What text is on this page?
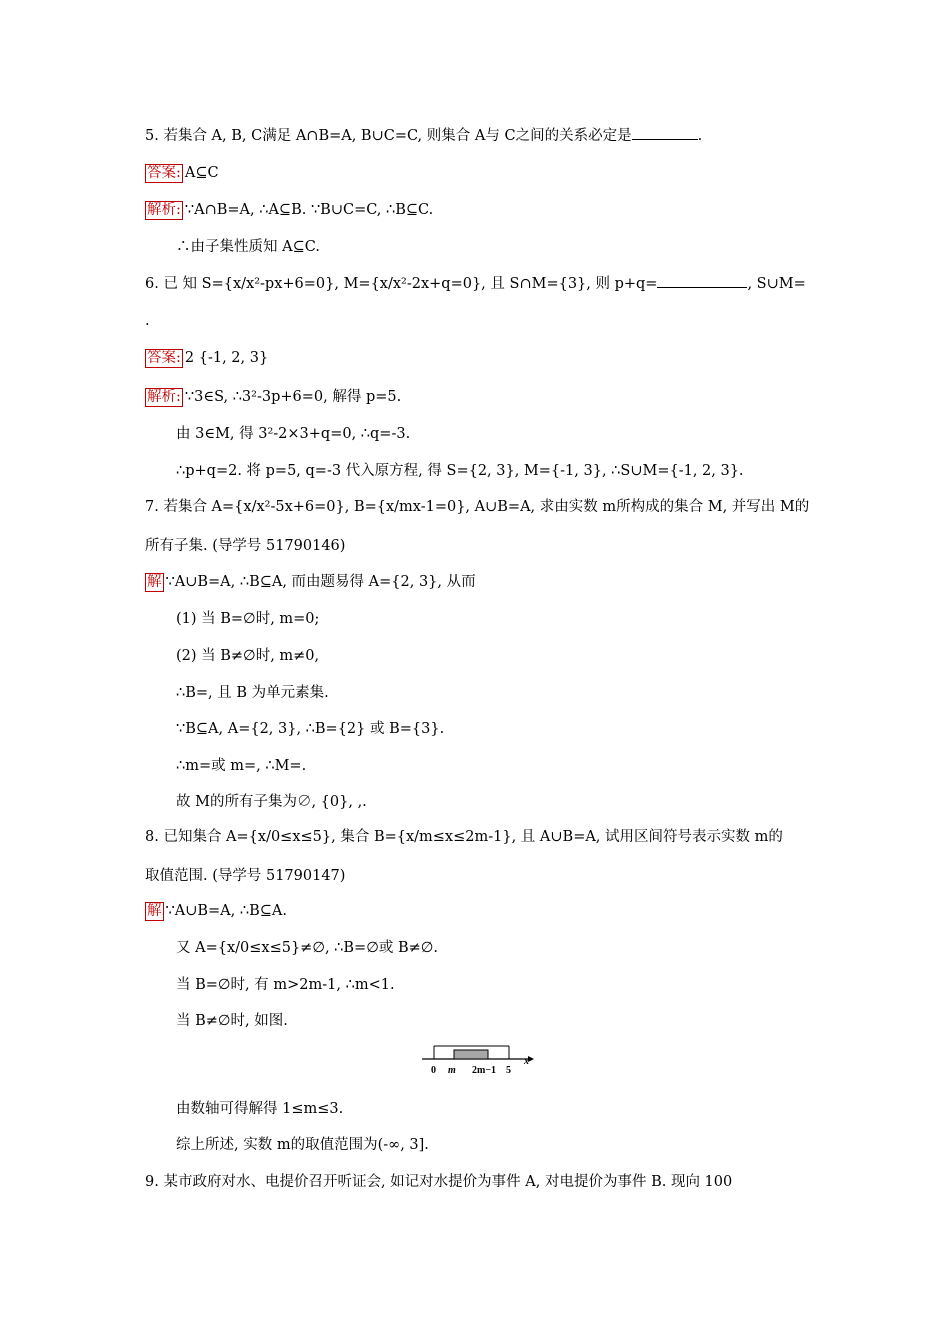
5. 若集合 A, B, C满足 A∩B=A, B∪C=C, 则集合 A与 C之间的关系必定是	.
答案: A⊆C
解析: ∵A∩B=A, ∴A⊆B. ∵B∪C=C, ∴B⊆C.
∴由子集性质知 A⊆C.
6. 已 知 S={x/x²-px+6=0}, M={x/x²-2x+q=0}, 且 S∩M={3}, 则 p+q=	, S∪M=
.
答案: 2 {-1, 2, 3}
解析: ∵3∈S, ∴3²-3p+6=0, 解得 p=5.
由 3∈M, 得 3²-2×3+q=0, ∴q=-3.
∴p+q=2. 将 p=5, q=-3 代入原方程, 得 S={2, 3}, M={-1, 3}, ∴S∪M={-1, 2, 3}.
7. 若集合 A={x/x²-5x+6=0}, B={x/mx-1=0}, A∪B=A, 求由实数 m所构成的集合 M, 并写出 M的
所有子集. (导学号 51790146)
解 ∵A∪B=A, ∴B⊆A, 而由题易得 A={2, 3}, 从而
(1) 当 B=∅时, m=0;
(2) 当 B≠∅时, m≠0,
∴B=, 且 B 为单元素集.
∵B⊆A, A={2, 3}, ∴B={2} 或 B={3}.
∴m=或 m=, ∴M=.
故 M的所有子集为∅, {0}, ,.
8. 已知集合 A={x/0≤x≤5}, 集合 B={x/m≤x≤2m-1}, 且 A∪B=A, 试用区间符号表示实数 m的
取值范围. (导学号 51790147)
解 ∵A∪B=A, ∴B⊆A.
又 A={x/0≤x≤5}≠∅, ∴B=∅或 B≠∅.
当 B=∅时, 有 m>2m-1, ∴m<1.
当 B≠∅时, 如图.
0 m 2m−1 5
x
由数轴可得解得 1≤m≤3.
综上所述, 实数 m的取值范围为(-∞, 3].
9. 某市政府对水、电提价召开听证会, 如记对水提价为事件 A, 对电提价为事件 B. 现向 100
